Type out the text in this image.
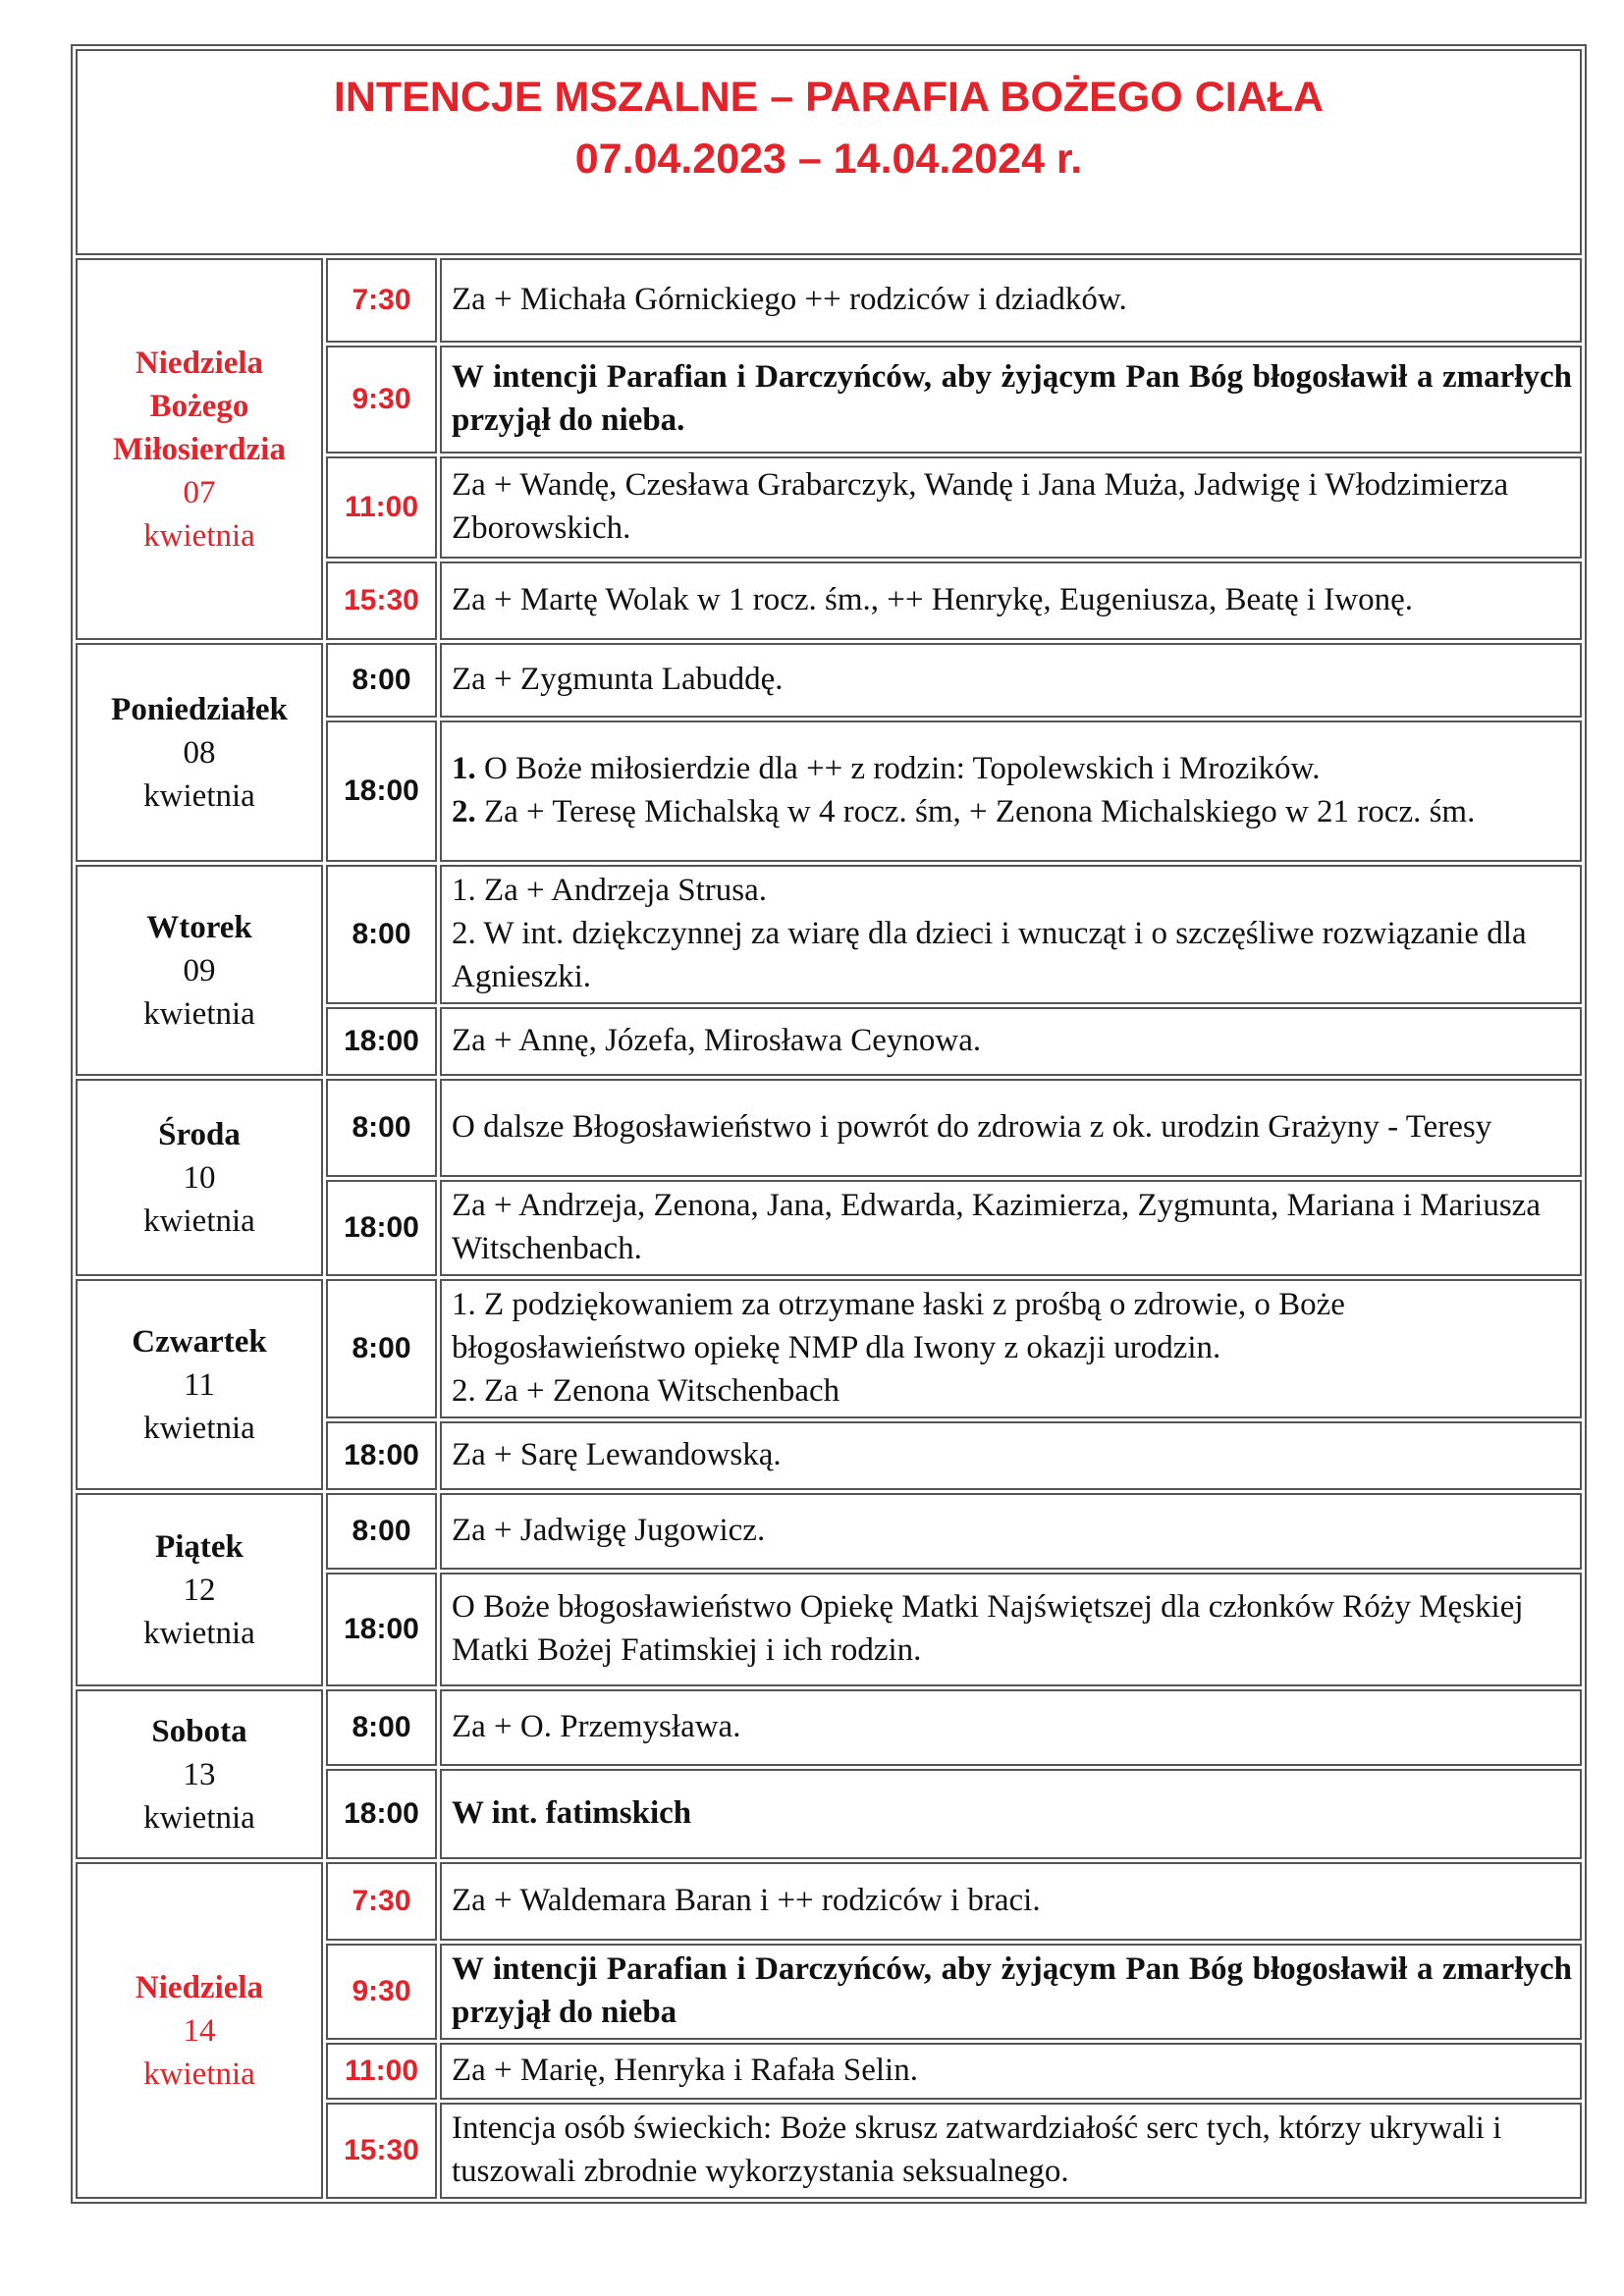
INTENCJE MSZALNE – PARAFIA BOŻEGO CIAŁA
07.04.2023 – 14.04.2024 r.		

Niedziela
Bożego
Miłosierdzia
07
kwietnia	7:30	Za + Michała Górnickiego ++ rodziców i dziadków.

	9:30	W intencji Parafian i Darczyńców, aby żyjącym Pan Bóg błogosławił a zmarłych przyjął do nieba.

	11:00	Za + Wandę, Czesława Grabarczyk, Wandę i Jana Muża, Jadwigę i Włodzimierza Zborowskich.

	15:30	Za + Martę Wolak w 1 rocz. śm., ++ Henrykę, Eugeniusza, Beatę i Iwonę.

Poniedziałek
08
kwietnia	8:00	Za + Zygmunta Labuddę.

	18:00	1. O Boże miłosierdzie dla ++ z rodzin: Topolewskich i Mrozików.
2. Za + Teresę Michalską w 4 rocz. śm, + Zenona Michalskiego w 21 rocz. śm.

Wtorek
09
kwietnia	8:00	1. Za + Andrzeja Strusa.
2. W int. dziękczynnej za wiarę dla dzieci i wnucząt i o szczęśliwe rozwiązanie dla Agnieszki.

	18:00	Za + Annę, Józefa, Mirosława Ceynowa.

Środa
10
kwietnia	8:00	O dalsze Błogosławieństwo i powrót do zdrowia z ok. urodzin Grażyny - Teresy

	18:00	Za + Andrzeja, Zenona, Jana, Edwarda, Kazimierza, Zygmunta, Mariana i Mariusza Witschenbach.

Czwartek
11
kwietnia	8:00	1. Z podziękowaniem za otrzymane łaski z prośbą o zdrowie, o Boże błogosławieństwo opiekę NMP dla Iwony z okazji urodzin.
2. Za + Zenona Witschenbach

	18:00	Za + Sarę Lewandowską.

Piątek
12
kwietnia	8:00	Za + Jadwigę Jugowicz.

	18:00	O Boże błogosławieństwo Opiekę Matki Najświętszej dla członków Róży Męskiej Matki Bożej Fatimskiej i ich rodzin.

Sobota
13
kwietnia	8:00	Za + O. Przemysława.

	18:00	W int. fatimskich

Niedziela
14
kwietnia	7:30	Za + Waldemara Baran i ++ rodziców i braci.

	9:30	W intencji Parafian i Darczyńców, aby żyjącym Pan Bóg błogosławił a zmarłych przyjął do nieba

	11:00	Za + Marię, Henryka i Rafała Selin.

	15:30	Intencja osób świeckich: Boże skrusz zatwardziałość serc tych, którzy ukrywali i tuszowali zbrodnie wykorzystania seksualnego.
